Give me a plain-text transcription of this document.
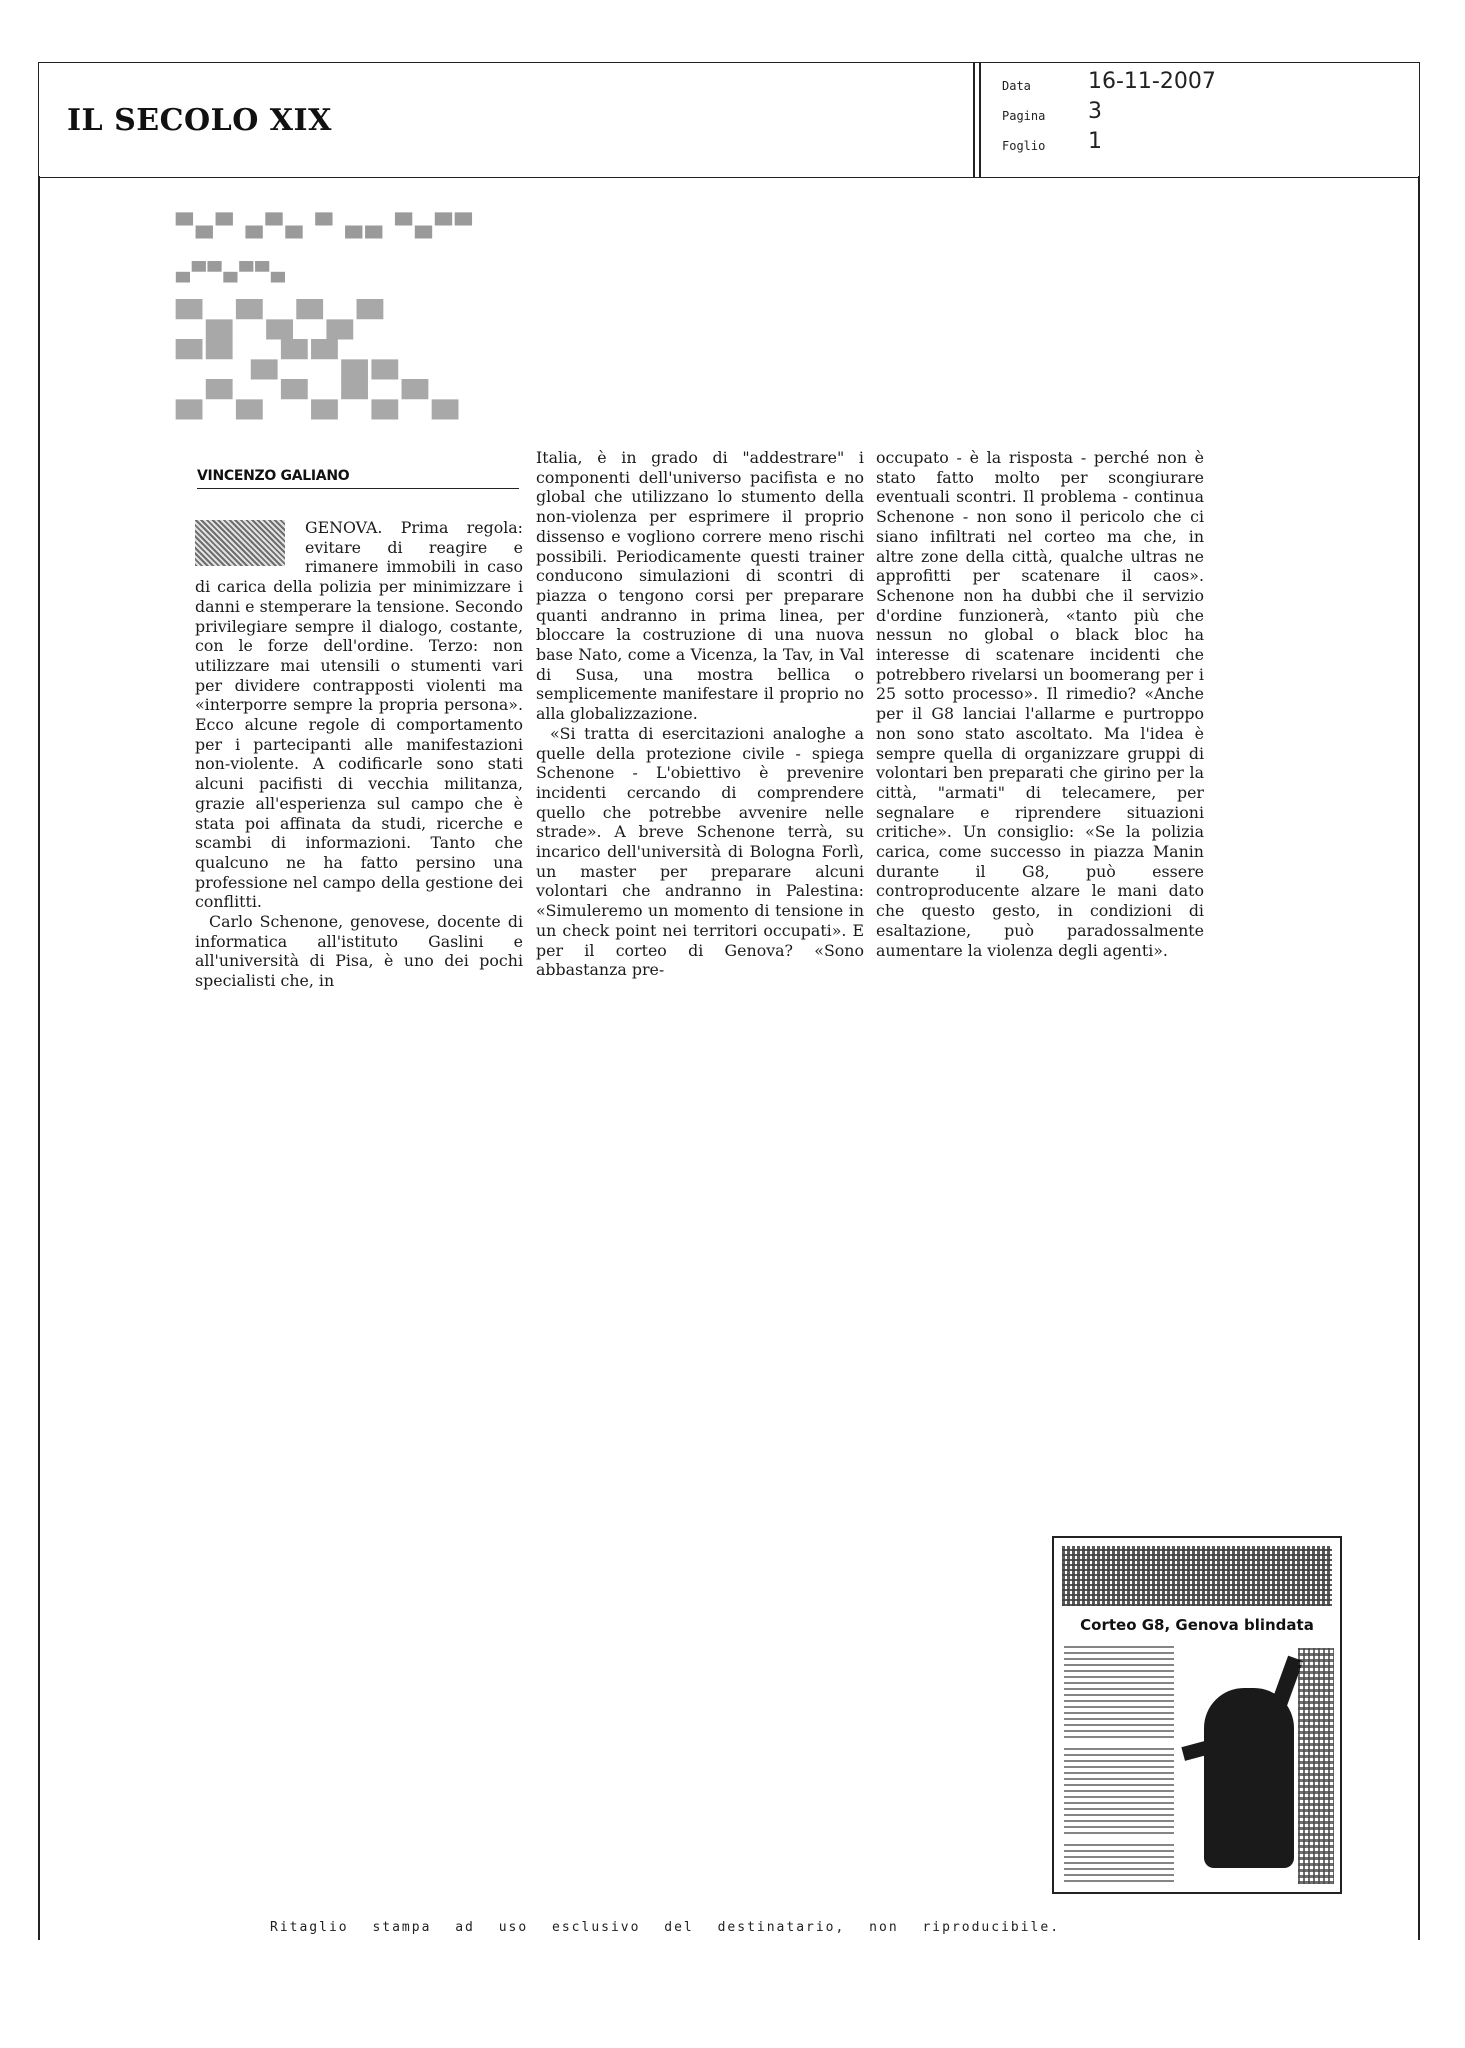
IL SECOLO XIX
Data	16-11-2007
Pagina 3
Foglio 1
▀▄▀ ▄▀▄ ▀ ▄▄ ▀▄▀▀
▄▀▀▄▀▀▄
▀▄▀▄▀▄▀
▀▀ ▄▀▀▄▄
▄▀▄ ▀▄▀▄▀▄
VINCENZO GALIANO

GENOVA. Prima regola: evitare di reagire e rimanere immobili in caso di carica della polizia per minimizzare i danni e stemperare la tensione. Secondo privilegiare sempre il dialogo, costante, con le forze dell'ordine. Terzo: non utilizzare mai utensili o stumenti vari per dividere contrapposti violenti ma «interporre sempre la propria persona». Ecco alcune regole di comportamento per i partecipanti alle manifestazioni non-violente. A codificarle sono stati alcuni pacifisti di vecchia militanza, grazie all'esperienza sul campo che è stata poi affinata da studi, ricerche e scambi di informazioni. Tanto che qualcuno ne ha fatto persino una professione nel campo della gestione dei conflitti.

Carlo Schenone, genovese, docente di informatica all'istituto Gaslini e all'università di Pisa, è uno dei pochi specialisti che, in

Italia, è in grado di "addestrare" i componenti dell'universo pacifista e no global che utilizzano lo stumento della non-violenza per esprimere il proprio dissenso e vogliono correre meno rischi possibili. Periodicamente questi trainer conducono simulazioni di scontri di piazza o tengono corsi per preparare quanti andranno in prima linea, per bloccare la costruzione di una nuova base Nato, come a Vicenza, la Tav, in Val di Susa, una mostra bellica o semplicemente manifestare il proprio no alla globalizzazione.

«Si tratta di esercitazioni analoghe a quelle della protezione civile - spiega Schenone - L'obiettivo è prevenire incidenti cercando di comprendere quello che potrebbe avvenire nelle strade». A breve Schenone terrà, su incarico dell'università di Bologna Forlì, un master per preparare alcuni volontari che andranno in Palestina: «Simuleremo un momento di tensione in un check point nei territori occupati». E per il corteo di Genova? «Sono abbastanza pre-

occupato - è la risposta - perché non è stato fatto molto per scongiurare eventuali scontri. Il problema - continua Schenone - non sono il pericolo che ci siano infiltrati nel corteo ma che, in altre zone della città, qualche ultras ne approfitti per scatenare il caos». Schenone non ha dubbi che il servizio d'ordine funzionerà, «tanto più che nessun no global o black bloc ha interesse di scatenare incidenti che potrebbero rivelarsi un boomerang per i 25 sotto processo». Il rimedio? «Anche per il G8 lanciai l'allarme e purtroppo non sono stato ascoltato. Ma l'idea è sempre quella di organizzare gruppi di volontari ben preparati che girino per la città, "armati" di telecamere, per segnalare e riprendere situazioni critiche». Un consiglio: «Se la polizia carica, come successo in piazza Manin durante il G8, può essere controproducente alzare le mani dato che questo gesto, in condizioni di esaltazione, può paradossalmente aumentare la violenza degli agenti».

Corteo G8, Genova blindata
Ritaglio stampa ad uso esclusivo del destinatario, non riproducibile.
